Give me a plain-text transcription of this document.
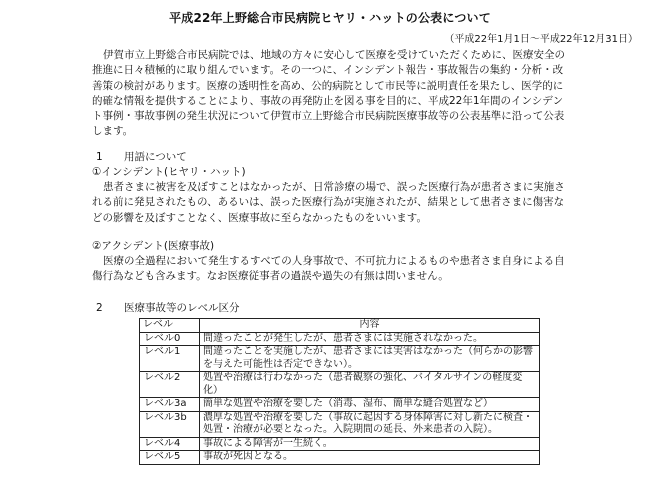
平成22年上野総合市民病院ヒヤリ・ハットの公表について
（平成22年1月1日～平成22年12月31日）

伊賀市立上野総合市民病院では、地域の方々に安心して医療を受けていただくために、医療安全の推進に日々積極的に取り組んでいます。その一つに、インシデント報告・事故報告の集約・分析・改善策の検討があります。医療の透明性を高め、公的病院として市民等に説明責任を果たし、医学的に的確な情報を提供することにより、事故の再発防止を図る事を目的に、平成22年1年間のインシデント事例・事故事例の発生状況について伊賀市立上野総合市民病院医療事故等の公表基準に沿って公表します。

1 用語について

①インシデント(ヒヤリ・ハット)

患者さまに被害を及ぼすことはなかったが、日常診療の場で、誤った医療行為が患者さまに実施される前に発見されたもの、あるいは、誤った医療行為が実施されたが、結果として患者さまに傷害などの影響を及ぼすことなく、医療事故に至らなかったものをいいます。

②アクシデント(医療事故)

医療の全過程において発生するすべての人身事故で、不可抗力によるものや患者さま自身による自傷行為なども含みます。なお医療従事者の過誤や過失の有無は問いません。

2 医療事故等のレベル区分

レベル	内容
レベル0	間違ったことが発生したが、患者さまには実施されなかった。
レベル1	間違ったことを実施したが、患者さまには実害はなかった（何らかの影響を与えた可能性は否定できない）。
レベル2	処置や治療は行わなかった（患者観察の強化、バイタルサインの軽度変化）
レベル3a	簡単な処置や治療を要した（消毒、湿布、簡単な縫合処置など）
レベル3b	濃厚な処置や治療を要した（事故に起因する身体障害に対し新たに検査・処置・治療が必要となった。入院期間の延長、外来患者の入院）。
レベル4	事故による障害が一生続く。
レベル5	事故が死因となる。
